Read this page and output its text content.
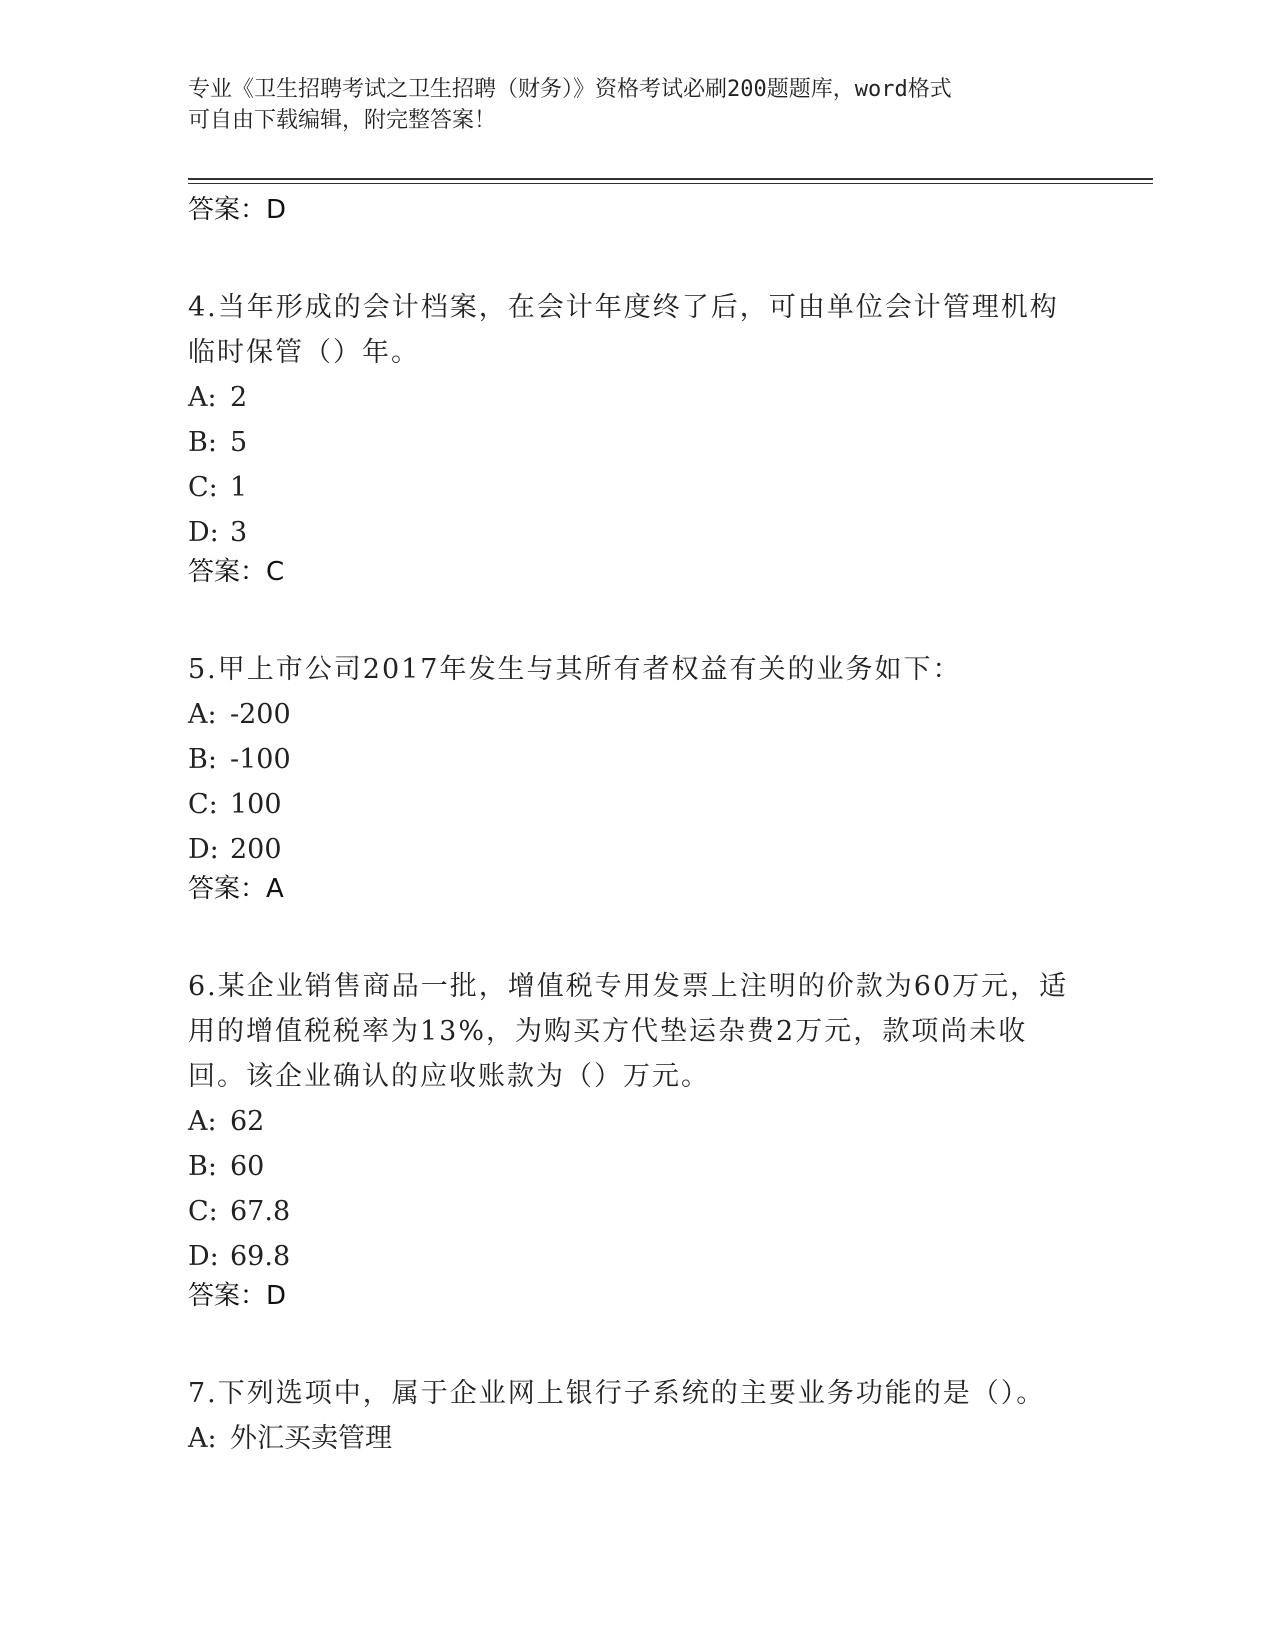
专业《卫生招聘考试之卫生招聘（财务）》资格考试必刷200题题库，word格式
可自由下载编辑，附完整答案！
答案：D
4.当年形成的会计档案，在会计年度终了后，可由单位会计管理机构临时保管（）年。
A: 2
B: 5
C: 1
D: 3
答案：C
5.甲上市公司2017年发生与其所有者权益有关的业务如下：
A: -200
B: -100
C: 100
D: 200
答案：A
6.某企业销售商品一批，增值税专用发票上注明的价款为60万元，适用的增值税税率为13%，为购买方代垫运杂费2万元，款项尚未收回。该企业确认的应收账款为（）万元。
A: 62
B: 60
C: 67.8
D: 69.8
答案：D
7.下列选项中，属于企业网上银行子系统的主要业务功能的是（）。
A: 外汇买卖管理
